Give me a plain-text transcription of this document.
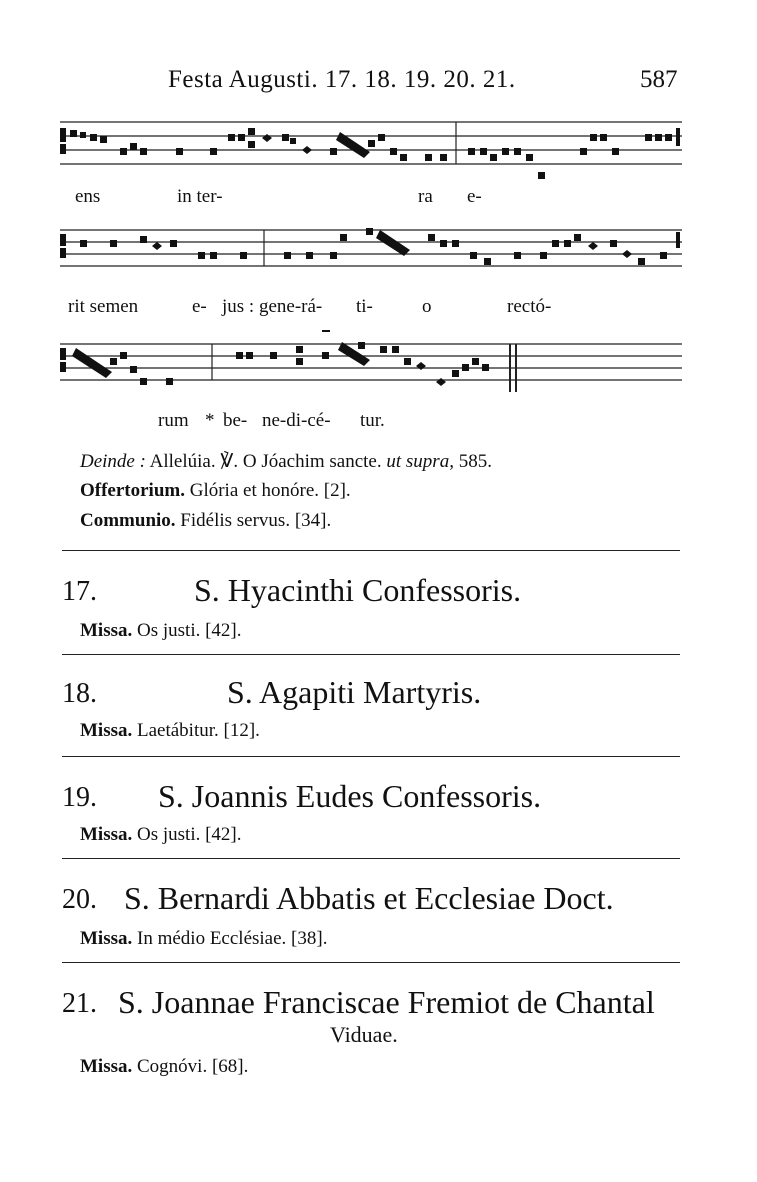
Festa Augusti. 17. 18. 19. 20. 21.	587
ens	in ter-	ra e-
rit semen	e- jus : gene-rá- ti-	o	rectó-
rum * be- ne-di-cé- tur.
Deinde : Allelúia. ℣. O Jóachim sancte. ut supra, 585.
Offertorium. Glória et honóre. [2].
Communio. Fidélis servus. [34].
17.	S. Hyacinthi Confessoris.
Missa. Os justi. [42].
18.	S. Agapiti Martyris.
Missa. Laetábitur. [12].
19. S. Joannis Eudes Confessoris.
Missa. Os justi. [42].
20. S. Bernardi Abbatis et Ecclesiae Doct.
Missa. In médio Ecclésiae. [38].
21. S. Joannae Franciscae Fremiot de Chantal
Viduae.
Missa. Cognóvi. [68].
